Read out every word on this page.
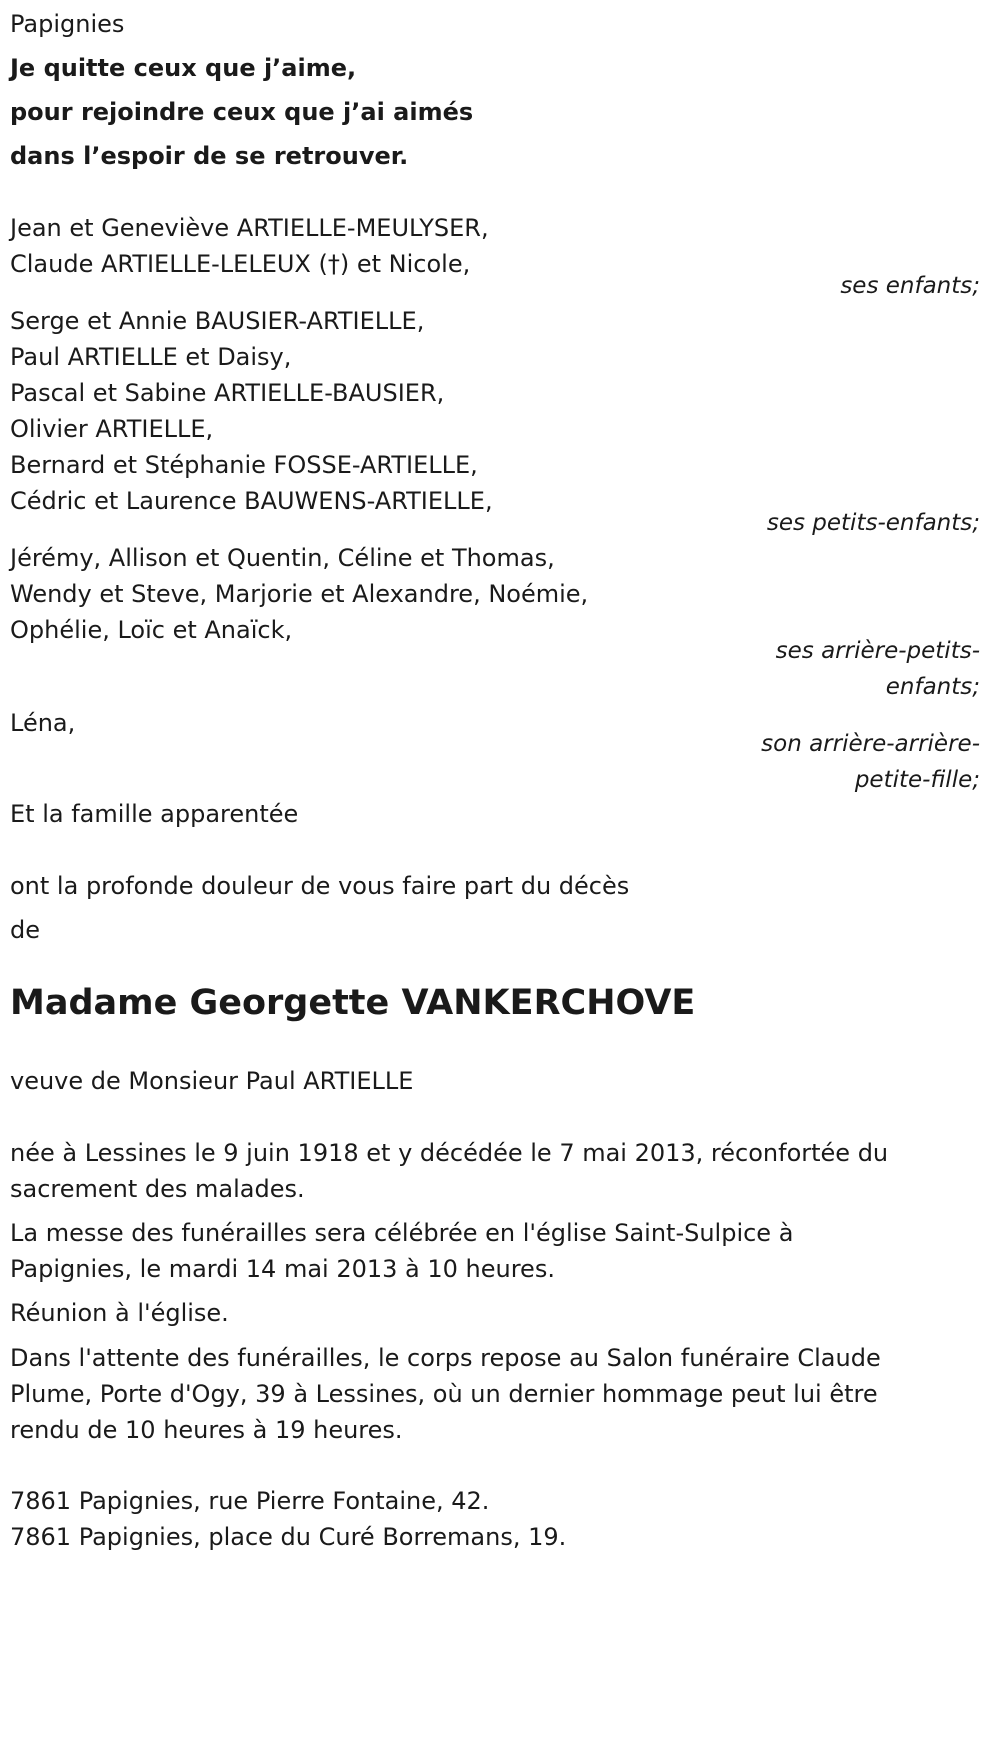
Papignies
Je quitte ceux que j’aime,
pour rejoindre ceux que j’ai aimés
dans l’espoir de se retrouver.
Jean et Geneviève ARTIELLE-MEULYSER,
Claude ARTIELLE-LELEUX (†) et Nicole,
ses enfants;
Serge et Annie BAUSIER-ARTIELLE,
Paul ARTIELLE et Daisy,
Pascal et Sabine ARTIELLE-BAUSIER,
Olivier ARTIELLE,
Bernard et Stéphanie FOSSE-ARTIELLE,
Cédric et Laurence BAUWENS-ARTIELLE,
ses petits-enfants;
Jérémy, Allison et Quentin, Céline et Thomas,
Wendy et Steve, Marjorie et Alexandre, Noémie,
Ophélie, Loïc et Anaïck,
ses arrière-petits-
enfants;
Léna,
son arrière-arrière-
petite-fille;
Et la famille apparentée
ont la profonde douleur de vous faire part du décès
de
Madame Georgette VANKERCHOVE
veuve de Monsieur Paul ARTIELLE
née à Lessines le 9 juin 1918 et y décédée le 7 mai 2013, réconfortée du
sacrement des malades.
La messe des funérailles sera célébrée en l'église Saint-Sulpice à
Papignies, le mardi 14 mai 2013 à 10 heures.
Réunion à l'église.
Dans l'attente des funérailles, le corps repose au Salon funéraire Claude
Plume, Porte d'Ogy, 39 à Lessines, où un dernier hommage peut lui être
rendu de 10 heures à 19 heures.
7861 Papignies, rue Pierre Fontaine, 42.
7861 Papignies, place du Curé Borremans, 19.
